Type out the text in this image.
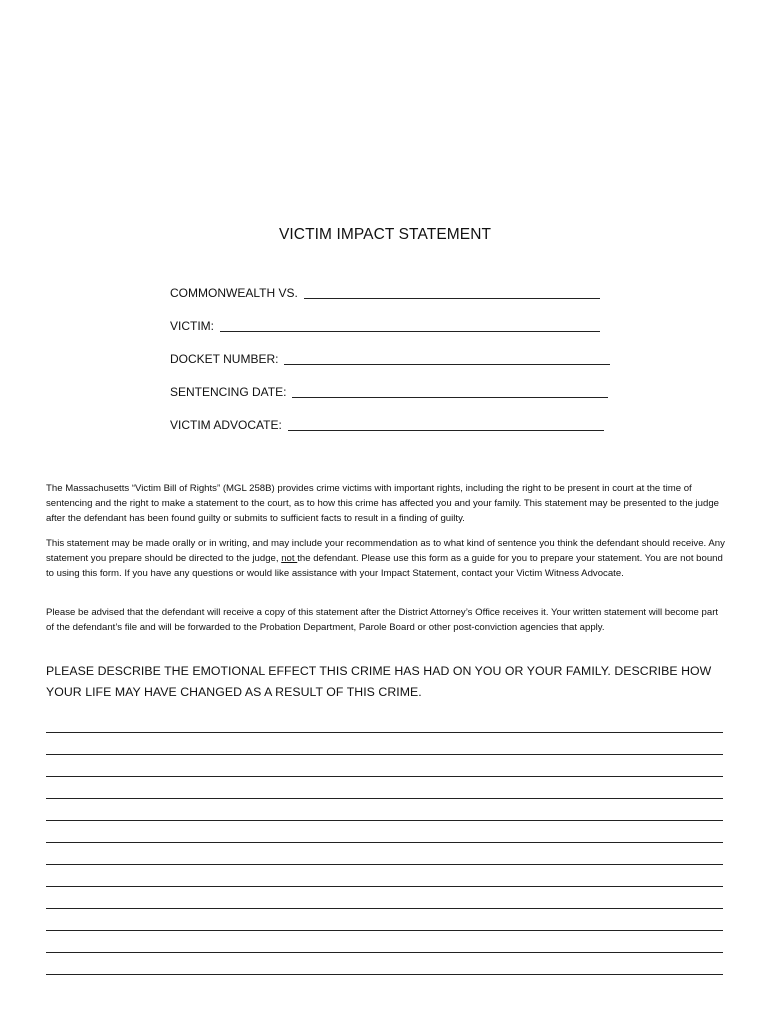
VICTIM IMPACT STATEMENT
COMMONWEALTH VS.
VICTIM:
DOCKET NUMBER:
SENTENCING DATE:
VICTIM ADVOCATE:

The Massachusetts “Victim Bill of Rights” (MGL 258B) provides crime victims with important rights, including the right to be present in court at the time of sentencing and the right to make a statement to the court, as to how this crime has affected you and your family. This statement may be presented to the judge after the defendant has been found guilty or submits to sufficient facts to result in a finding of guilty.

This statement may be made orally or in writing, and may include your recommendation as to what kind of sentence you think the defendant should receive. Any statement you prepare should be directed to the judge, not the defendant. Please use this form as a guide for you to prepare your statement. You are not bound to using this form. If you have any questions or would like assistance with your Impact Statement, contact your Victim Witness Advocate.

Please be advised that the defendant will receive a copy of this statement after the District Attorney’s Office receives it. Your written statement will become part of the defendant’s file and will be forwarded to the Probation Department, Parole Board or other post-conviction agencies that apply.

PLEASE DESCRIBE THE EMOTIONAL EFFECT THIS CRIME HAS HAD ON YOU OR YOUR FAMILY. DESCRIBE HOW YOUR LIFE MAY HAVE CHANGED AS A RESULT OF THIS CRIME.
